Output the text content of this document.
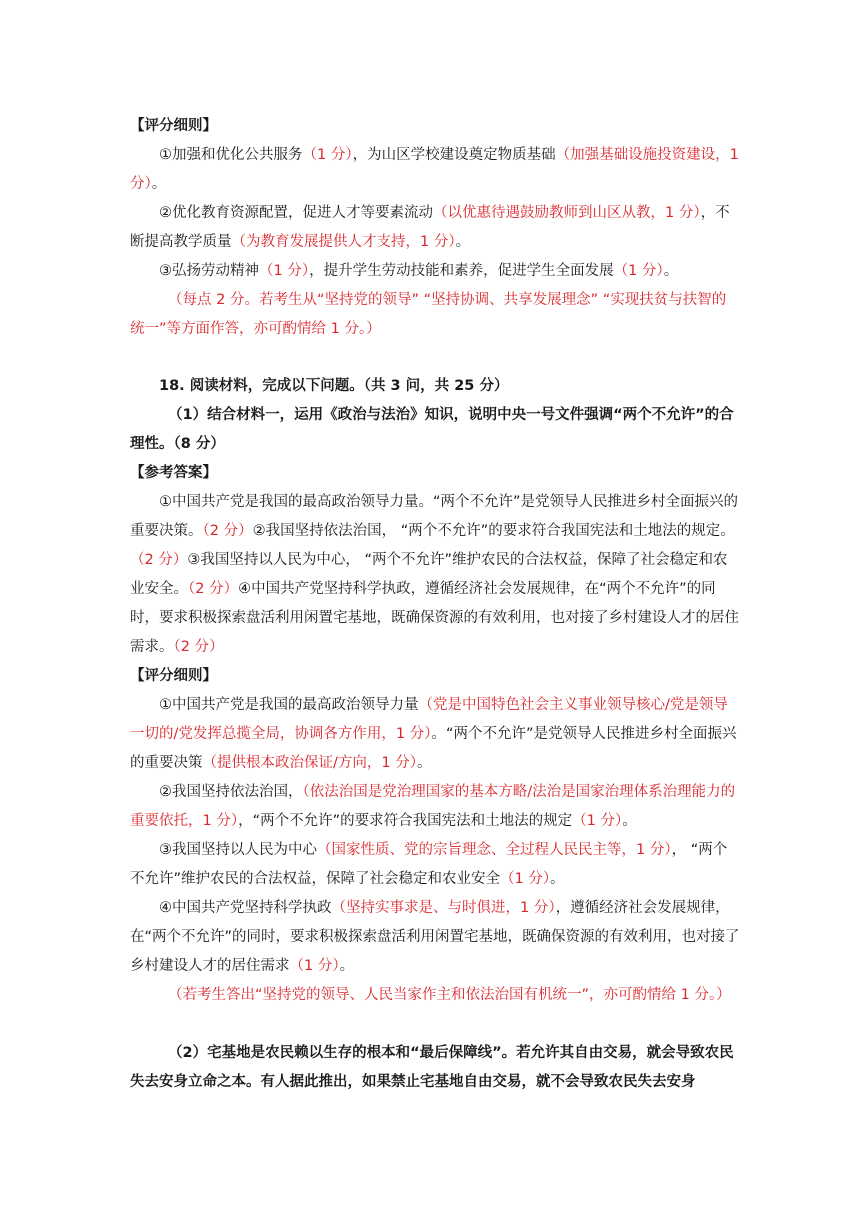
【评分细则】

①加强和优化公共服务（1 分），为山区学校建设奠定物质基础（加强基础设施投资建设，1 分）。

②优化教育资源配置，促进人才等要素流动（以优惠待遇鼓励教师到山区从教，1 分），不断提高教学质量（为教育发展提供人才支持，1 分）。

③弘扬劳动精神（1 分），提升学生劳动技能和素养，促进学生全面发展（1 分）。

（每点 2 分。若考生从“坚持党的领导” “坚持协调、共享发展理念” “实现扶贫与扶智的统一”等方面作答，亦可酌情给 1 分。）

18. 阅读材料，完成以下问题。（共 3 问，共 25 分）

（1）结合材料一，运用《政治与法治》知识，说明中央一号文件强调“两个不允许”的合理性。（8 分）

【参考答案】

①中国共产党是我国的最高政治领导力量。“两个不允许”是党领导人民推进乡村全面振兴的重要决策。（2 分）②我国坚持依法治国， “两个不允许”的要求符合我国宪法和土地法的规定。（2 分）③我国坚持以人民为中心， “两个不允许”维护农民的合法权益，保障了社会稳定和农业安全。（2 分）④中国共产党坚持科学执政，遵循经济社会发展规律，在“两个不允许”的同时，要求积极探索盘活利用闲置宅基地，既确保资源的有效利用，也对接了乡村建设人才的居住需求。（2 分）

【评分细则】

①中国共产党是我国的最高政治领导力量（党是中国特色社会主义事业领导核心/党是领导一切的/党发挥总揽全局，协调各方作用，1 分）。“两个不允许”是党领导人民推进乡村全面振兴的重要决策（提供根本政治保证/方向，1 分）。

②我国坚持依法治国，（依法治国是党治理国家的基本方略/法治是国家治理体系治理能力的重要依托，1 分），“两个不允许”的要求符合我国宪法和土地法的规定（1 分）。

③我国坚持以人民为中心（国家性质、党的宗旨理念、全过程人民民主等，1 分）， “两个不允许”维护农民的合法权益，保障了社会稳定和农业安全（1 分）。

④中国共产党坚持科学执政（坚持实事求是、与时俱进，1 分），遵循经济社会发展规律，在“两个不允许”的同时，要求积极探索盘活利用闲置宅基地，既确保资源的有效利用，也对接了乡村建设人才的居住需求（1 分）。

（若考生答出“坚持党的领导、人民当家作主和依法治国有机统一”，亦可酌情给 1 分。）

（2）宅基地是农民赖以生存的根本和“最后保障线”。若允许其自由交易，就会导致农民失去安身立命之本。有人据此推出，如果禁止宅基地自由交易，就不会导致农民失去安身
